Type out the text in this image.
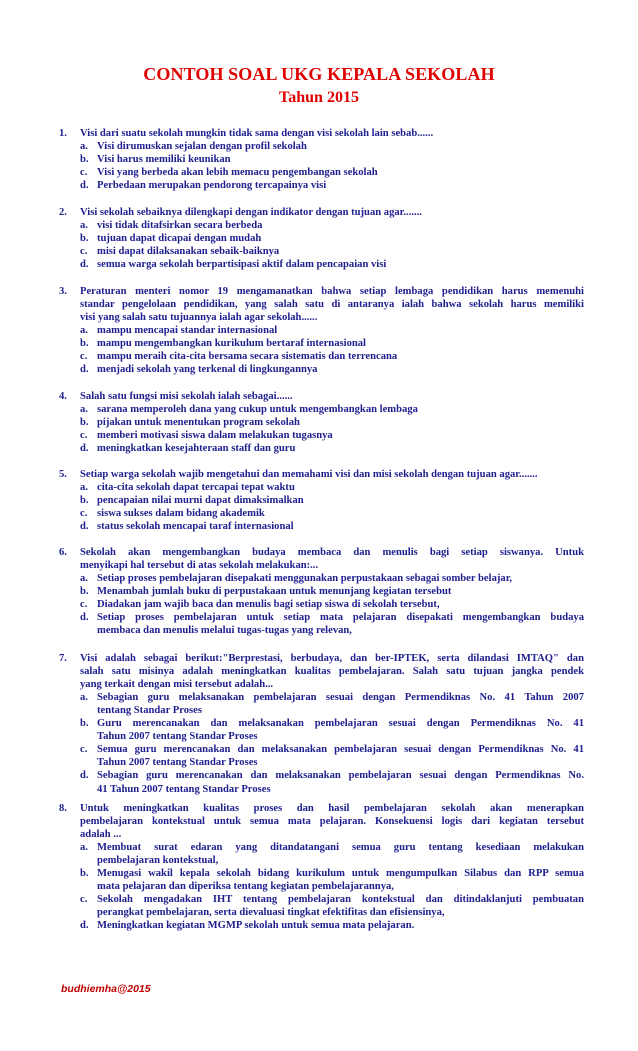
CONTOH SOAL UKG KEPALA SEKOLAH
Tahun 2015
1. Visi dari suatu sekolah mungkin tidak sama dengan visi sekolah lain sebab......
a. Visi dirumuskan sejalan dengan profil sekolah
b. Visi harus memiliki keunikan
c. Visi yang berbeda akan lebih memacu pengembangan sekolah
d. Perbedaan merupakan pendorong tercapainya visi
2. Visi sekolah sebaiknya dilengkapi dengan indikator dengan tujuan agar.......
a. visi tidak ditafsirkan secara berbeda
b. tujuan dapat dicapai dengan mudah
c. misi dapat dilaksanakan sebaik-baiknya
d. semua warga sekolah berpartisipasi aktif dalam pencapaian visi
3. Peraturan menteri nomor 19 mengamanatkan bahwa setiap lembaga pendidikan harus memenuhi
standar pengelolaan pendidikan, yang salah satu di antaranya ialah bahwa sekolah harus memiliki
visi yang salah satu tujuannya ialah agar sekolah......
a. mampu mencapai standar internasional
b. mampu mengembangkan kurikulum bertaraf internasional
c. mampu meraih cita-cita bersama secara sistematis dan terrencana
d. menjadi sekolah yang terkenal di lingkungannya
4. Salah satu fungsi misi sekolah ialah sebagai......
a. sarana memperoleh dana yang cukup untuk mengembangkan lembaga
b. pijakan untuk menentukan program sekolah
c. memberi motivasi siswa dalam melakukan tugasnya
d. meningkatkan kesejahteraan staff dan guru
5. Setiap warga sekolah wajib mengetahui dan memahami visi dan misi sekolah dengan tujuan agar.......
a. cita-cita sekolah dapat tercapai tepat waktu
b. pencapaian nilai murni dapat dimaksimalkan
c. siswa sukses dalam bidang akademik
d. status sekolah mencapai taraf internasional
6. Sekolah akan mengembangkan budaya membaca dan menulis bagi setiap siswanya. Untuk
menyikapi hal tersebut di atas sekolah melakukan:...
a. Setiap proses pembelajaran disepakati menggunakan perpustakaan sebagai somber belajar,
b. Menambah jumlah buku di perpustakaan untuk menunjang kegiatan tersebut
c. Diadakan jam wajib baca dan menulis bagi setiap siswa di sekolah tersebut,
d. Setiap proses pembelajaran untuk setiap mata pelajaran disepakati mengembangkan budaya
membaca dan menulis melalui tugas-tugas yang relevan,
7. Visi adalah sebagai berikut:"Berprestasi, berbudaya, dan ber-IPTEK, serta dilandasi IMTAQ" dan
salah satu misinya adalah meningkatkan kualitas pembelajaran. Salah satu tujuan jangka pendek
yang terkait dengan misi tersebut adalah...
a. Sebagian guru melaksanakan pembelajaran sesuai dengan Permendiknas No. 41 Tahun 2007
tentang Standar Proses
b. Guru merencanakan dan melaksanakan pembelajaran sesuai dengan Permendiknas No. 41
Tahun 2007 tentang Standar Proses
c. Semua guru merencanakan dan melaksanakan pembelajaran sesuai dengan Permendiknas No. 41
Tahun 2007 tentang Standar Proses
d. Sebagian guru merencanakan dan melaksanakan pembelajaran sesuai dengan Permendiknas No.
41 Tahun 2007 tentang Standar Proses
8. Untuk meningkatkan kualitas proses dan hasil pembelajaran sekolah akan menerapkan
pembelajaran kontekstual untuk semua mata pelajaran. Konsekuensi logis dari kegiatan tersebut
adalah ...
a. Membuat surat edaran yang ditandatangani semua guru tentang kesediaan melakukan
pembelajaran kontekstual,
b. Menugasi wakil kepala sekolah bidang kurikulum untuk mengumpulkan Silabus dan RPP semua
mata pelajaran dan diperiksa tentang kegiatan pembelajarannya,
c. Sekolah mengadakan IHT tentang pembelajaran kontekstual dan ditindaklanjuti pembuatan
perangkat pembelajaran, serta dievaluasi tingkat efektifitas dan efisiensinya,
d. Meningkatkan kegiatan MGMP sekolah untuk semua mata pelajaran.
budhiemha@2015
